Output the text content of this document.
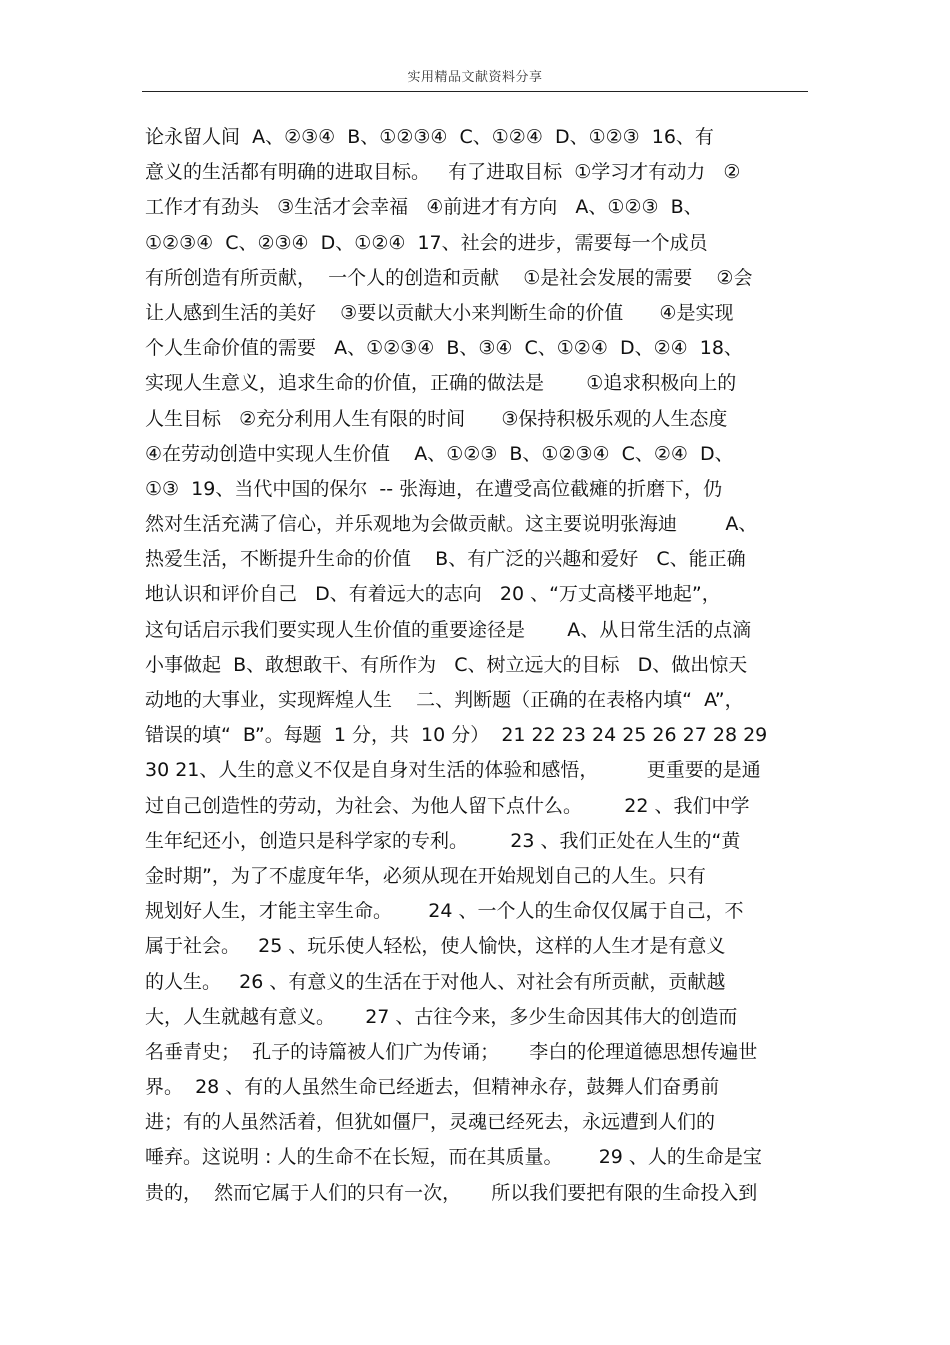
实用精品文献资料分享
论永留人间  A、②③④  B、①②③④  C、①②④  D、①②③  16、有
意义的生活都有明确的进取目标。   有了进取目标  ①学习才有动力   ②
工作才有劲头   ③生活才会幸福   ④前进才有方向   A、①②③  B、
①②③④  C、②③④  D、①②④  17、社会的进步，需要每一个成员
有所创造有所贡献，  一个人的创造和贡献    ①是社会发展的需要    ②会
让人感到生活的美好    ③要以贡献大小来判断生命的价值      ④是实现
个人生命价值的需要   A、①②③④  B、③④  C、①②④  D、②④  18、
实现人生意义，追求生命的价值，正确的做法是       ①追求积极向上的
人生目标   ②充分利用人生有限的时间      ③保持积极乐观的人生态度
④在劳动创造中实现人生价值    A、①②③  B、①②③④  C、②④  D、
①③  19、当代中国的保尔  -- 张海迪，在遭受高位截瘫的折磨下，仍
然对生活充满了信心，并乐观地为会做贡献。这主要说明张海迪        A、
热爱生活，不断提升生命的价值    B、有广泛的兴趣和爱好   C、能正确
地认识和评价自己   D、有着远大的志向   20 、“万丈高楼平地起”，
这句话启示我们要实现人生价值的重要途径是       A、从日常生活的点滴
小事做起  B、敢想敢干、有所作为   C、树立远大的目标   D、做出惊天
动地的大事业，实现辉煌人生    二、判断题（正确的在表格内填“  A”，
错误的填“  B”。每题  1 分，共  10 分）  21 22 23 24 25 26 27 28 29
30 21、人生的意义不仅是自身对生活的体验和感悟，        更重要的是通
过自己创造性的劳动，为社会、为他人留下点什么。       22 、我们中学
生年纪还小，创造只是科学家的专利。       23 、我们正处在人生的“黄
金时期”，为了不虚度年华，必须从现在开始规划自己的人生。只有
规划好人生，才能主宰生命。      24 、一个人的生命仅仅属于自己，不
属于社会。   25 、玩乐使人轻松，使人愉快，这样的人生才是有意义
的人生。   26 、有意义的生活在于对他人、对社会有所贡献，贡献越
大，人生就越有意义。     27 、古往今来，多少生命因其伟大的创造而
名垂青史；  孔子的诗篇被人们广为传诵；     李白的伦理道德思想传遍世
界。  28 、有的人虽然生命已经逝去，但精神永存，鼓舞人们奋勇前
进；有的人虽然活着，但犹如僵尸，灵魂已经死去，永远遭到人们的
唾弃。这说明 : 人的生命不在长短，而在其质量。      29 、人的生命是宝
贵的，  然而它属于人们的只有一次，     所以我们要把有限的生命投入到
